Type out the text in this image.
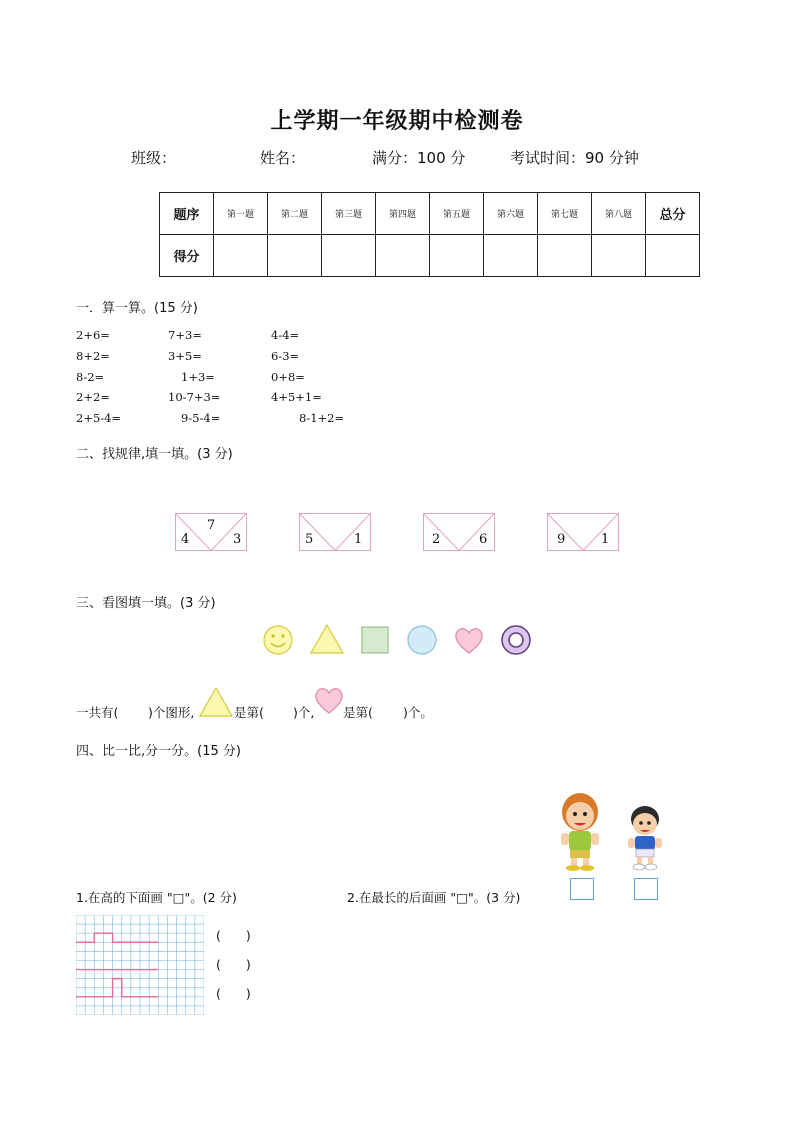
上学期一年级期中检测卷
班级：	姓名：	满分：100 分	考试时间：90 分钟
题序	第一题	第二题	第三题	第四题	第五题	第六题	第七题	第八题	总分
得分									
一．算一算。(15 分)
2+6=	7+3=	4-4=
8+2=	3+5=	6-3=
8-2=	1+3=	0+8=
2+2=	10-7+3=	4+5+1=
2+5-4=	9-5-4=	8-1+2=
二、找规律,填一填。(3 分)
7
4	3	5	1	2	6	9	1
三、看图填一填。(3 分)
一共有( )个图形,	是第( )个, 是第( )个。
四、比一比,分一分。(15 分)
1.在高的下面画 "□"。(2 分)	2.在最长的后面画 "□"。(3 分)
(　　)
(　　)
(　　)
